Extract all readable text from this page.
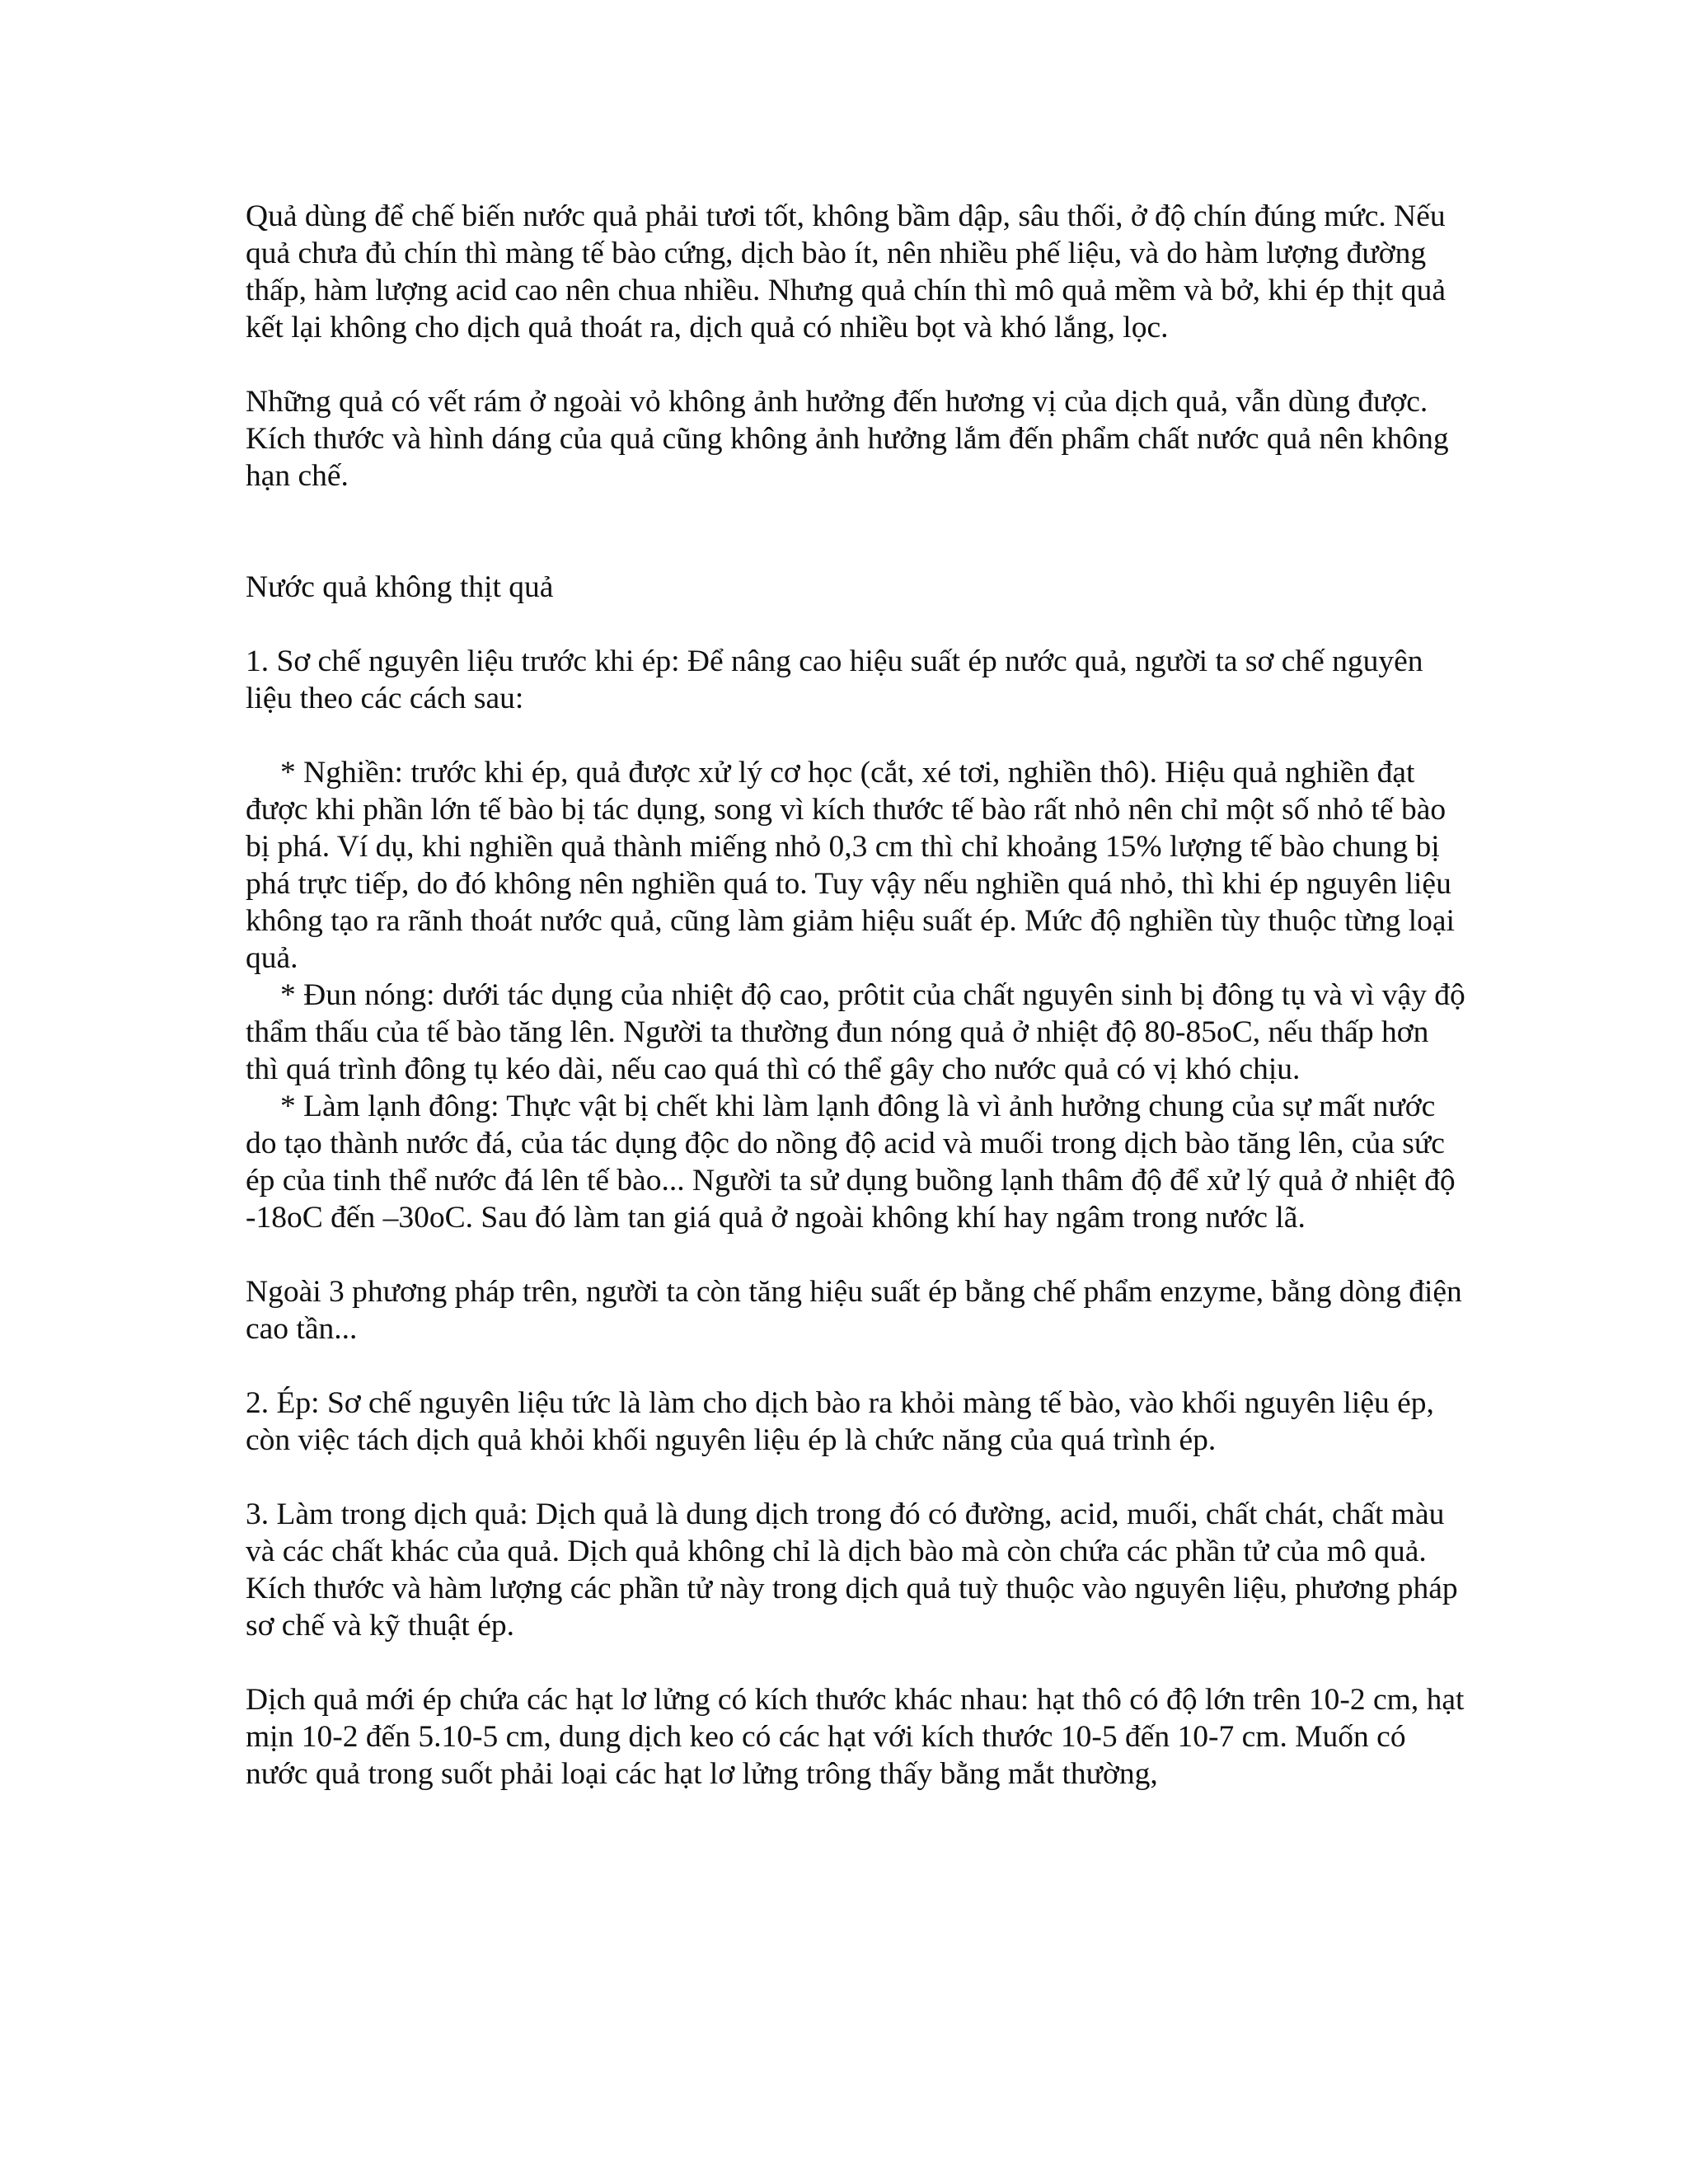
Quả dùng để chế biến nước quả phải tươi tốt, không bầm dập, sâu thối, ở độ chín đúng mức. Nếu quả chưa đủ chín thì màng tế bào cứng, dịch bào ít, nên nhiều phế liệu, và do hàm lượng đường thấp, hàm lượng acid cao nên chua nhiều. Nhưng quả chín thì mô quả mềm và bở, khi ép thịt quả kết lại không cho dịch quả thoát ra, dịch quả có nhiều bọt và khó lắng, lọc.

Những quả có vết rám ở ngoài vỏ không ảnh hưởng đến hương vị của dịch quả, vẫn dùng được. Kích thước và hình dáng của quả cũng không ảnh hưởng lắm đến phẩm chất nước quả nên không hạn chế.

Nước quả không thịt quả

1. Sơ chế nguyên liệu trước khi ép: Để nâng cao hiệu suất ép nước quả, người ta sơ chế nguyên liệu theo các cách sau:

* Nghiền: trước khi ép, quả được xử lý cơ học (cắt, xé tơi, nghiền thô). Hiệu quả nghiền đạt được khi phần lớn tế bào bị tác dụng, song vì kích thước tế bào rất nhỏ nên chỉ một số nhỏ tế bào bị phá. Ví dụ, khi nghiền quả thành miếng nhỏ 0,3 cm thì chỉ khoảng 15% lượng tế bào chung bị phá trực tiếp, do đó không nên nghiền quá to. Tuy vậy nếu nghiền quá nhỏ, thì khi ép nguyên liệu không tạo ra rãnh thoát nước quả, cũng làm giảm hiệu suất ép. Mức độ nghiền tùy thuộc từng loại quả.

* Đun nóng: dưới tác dụng của nhiệt độ cao, prôtit của chất nguyên sinh bị đông tụ và vì vậy độ thẩm thấu của tế bào tăng lên. Người ta thường đun nóng quả ở nhiệt độ 80-85oC, nếu thấp hơn thì quá trình đông tụ kéo dài, nếu cao quá thì có thể gây cho nước quả có vị khó chịu.

* Làm lạnh đông: Thực vật bị chết khi làm lạnh đông là vì ảnh hưởng chung của sự mất nước do tạo thành nước đá, của tác dụng độc do nồng độ acid và muối trong dịch bào tăng lên, của sức ép của tinh thể nước đá lên tế bào... Người ta sử dụng buồng lạnh thâm độ để xử lý quả ở nhiệt độ -18oC đến –30oC. Sau đó làm tan giá quả ở ngoài không khí hay ngâm trong nước lã.

Ngoài 3 phương pháp trên, người ta còn tăng hiệu suất ép bằng chế phẩm enzyme, bằng dòng điện cao tần...

2. Ép: Sơ chế nguyên liệu tức là làm cho dịch bào ra khỏi màng tế bào, vào khối nguyên liệu ép, còn việc tách dịch quả khỏi khối nguyên liệu ép là chức năng của quá trình ép.

3. Làm trong dịch quả: Dịch quả là dung dịch trong đó có đường, acid, muối, chất chát, chất màu và các chất khác của quả. Dịch quả không chỉ là dịch bào mà còn chứa các phần tử của mô quả. Kích thước và hàm lượng các phần tử này trong dịch quả tuỳ thuộc vào nguyên liệu, phương pháp sơ chế và kỹ thuật ép.

Dịch quả mới ép chứa các hạt lơ lửng có kích thước khác nhau: hạt thô có độ lớn trên 10-2 cm, hạt mịn 10-2 đến 5.10-5 cm, dung dịch keo có các hạt với kích thước 10-5 đến 10-7 cm. Muốn có nước quả trong suốt phải loại các hạt lơ lửng trông thấy bằng mắt thường,
